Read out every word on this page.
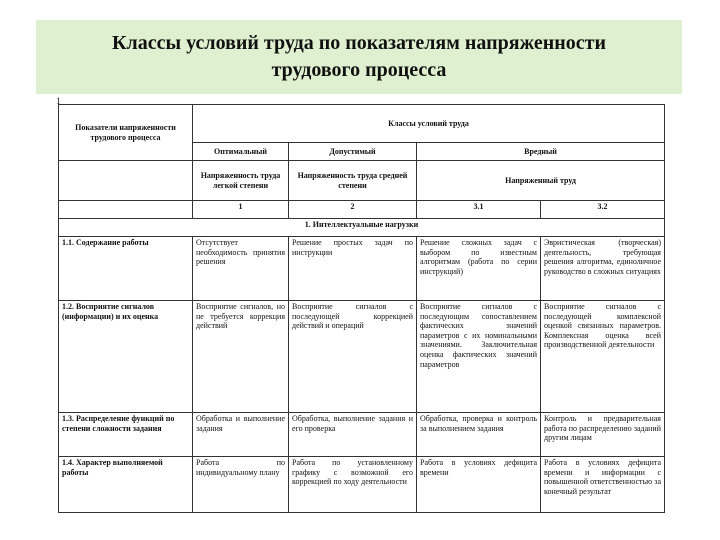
Классы условий труда по показателям напряженности трудового процесса
1
Показатели напряженности трудового процесса	Классы условий труда			
	Оптимальный	Допустимый	Вредный	
	Напряженность труда легкой степени	Напряженность труда средней степени	Напряженный труд	
	1	2	3.1	3.2
1. Интеллектуальные нагрузки				
1.1. Содержание работы	Отсутствует необходимость принятия решения	Решение простых задач по инструкции	Решение сложных задач с выбором по известным алгоритмам (работа по серии инструкций)	Эвристическая (творческая) деятельность, требующая решения алгоритма, единоличное руководство в сложных ситуациях
1.2. Восприятие сигналов (информации) и их оценка	Восприятие сигналов, но не требуется коррекция действий	Восприятие сигналов с последующей коррекцией действий и операций	Восприятие сигналов с последующим сопоставлением фактических значений параметров с их номинальными значениями. Заключительная оценка фактических значений параметров	Восприятие сигналов с последующей комплексной оценкой связанных параметров. Комплексная оценка всей производственной деятельности
1.3. Распределение функций по степени сложности задания	Обработка и выполнение задания	Обработка, выполнение задания и его проверка	Обработка, проверка и контроль за выполнением задания	Контроль и предварительная работа по распределению заданий другим лицам
1.4. Характер выполняемой работы	Работа по индивидуальному плану	Работа по установленному графику с возможной его коррекцией по ходу деятельности	Работа в условиях дефицита времени	Работа в условиях дефицита времени и информации с повышенной ответственностью за конечный результат
